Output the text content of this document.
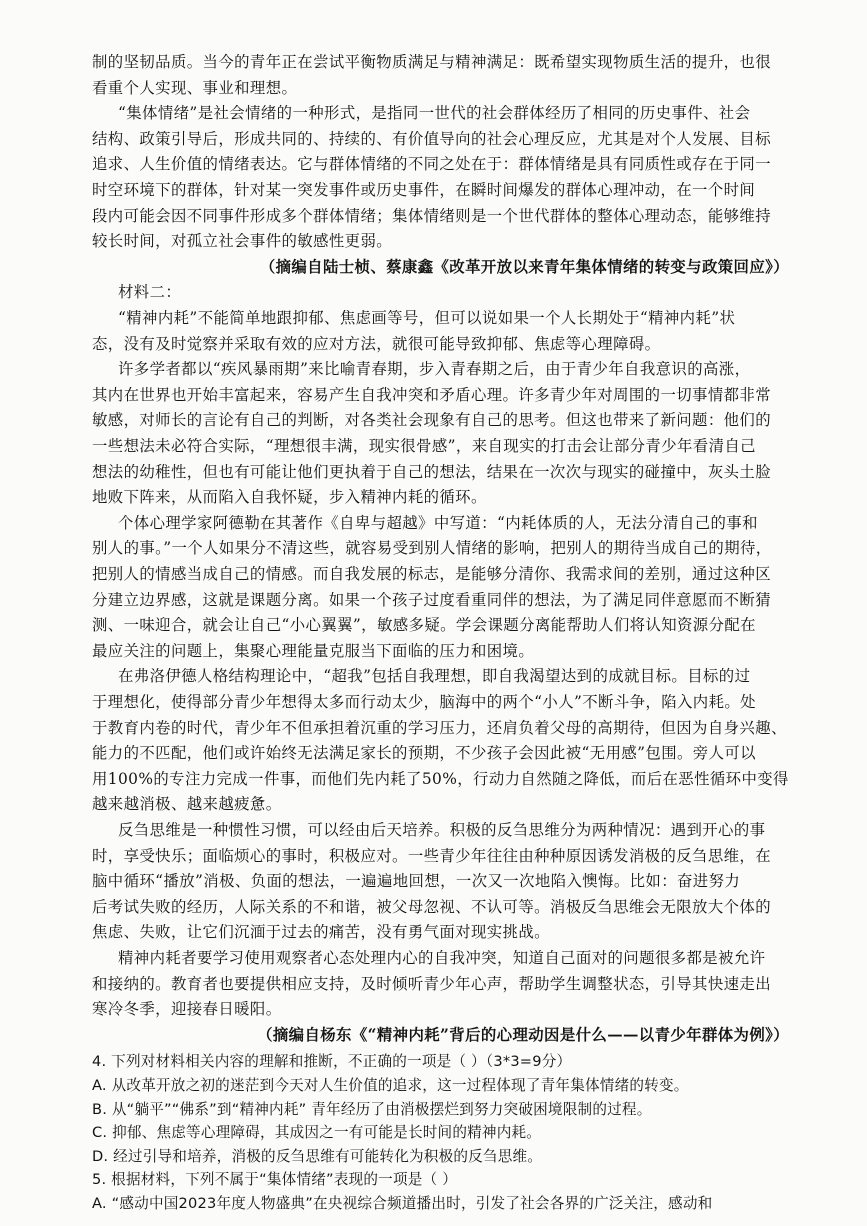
制的坚韧品质。当今的青年正在尝试平衡物质满足与精神满足：既希望实现物质生活的提升，也很
看重个人实现、事业和理想。
“集体情绪”是社会情绪的一种形式，是指同一世代的社会群体经历了相同的历史事件、社会
结构、政策引导后，形成共同的、持续的、有价值导向的社会心理反应，尤其是对个人发展、目标
追求、人生价值的情绪表达。它与群体情绪的不同之处在于：群体情绪是具有同质性或存在于同一
时空环境下的群体，针对某一突发事件或历史事件，在瞬时间爆发的群体心理冲动，在一个时间
段内可能会因不同事件形成多个群体情绪；集体情绪则是一个世代群体的整体心理动态，能够维持
较长时间，对孤立社会事件的敏感性更弱。
（摘编自陆士桢、蔡康鑫《改革开放以来青年集体情绪的转变与政策回应》）
材料二：
“精神内耗”不能简单地跟抑郁、焦虑画等号，但可以说如果一个人长期处于“精神内耗”状
态，没有及时觉察并采取有效的应对方法，就很可能导致抑郁、焦虑等心理障碍。
许多学者都以“疾风暴雨期”来比喻青春期，步入青春期之后，由于青少年自我意识的高涨，
其内在世界也开始丰富起来，容易产生自我冲突和矛盾心理。许多青少年对周围的一切事情都非常
敏感，对师长的言论有自己的判断，对各类社会现象有自己的思考。但这也带来了新问题：他们的
一些想法未必符合实际，“理想很丰满，现实很骨感”，来自现实的打击会让部分青少年看清自己
想法的幼稚性，但也有可能让他们更执着于自己的想法，结果在一次次与现实的碰撞中，灰头土脸
地败下阵来，从而陷入自我怀疑，步入精神内耗的循环。
个体心理学家阿德勒在其著作《自卑与超越》中写道：“内耗体质的人，无法分清自己的事和
别人的事。”一个人如果分不清这些，就容易受到别人情绪的影响，把别人的期待当成自己的期待，
把别人的情感当成自己的情感。而自我发展的标志，是能够分清你、我需求间的差别，通过这种区
分建立边界感，这就是课题分离。如果一个孩子过度看重同伴的想法，为了满足同伴意愿而不断猜
测、一味迎合，就会让自己“小心翼翼”，敏感多疑。学会课题分离能帮助人们将认知资源分配在
最应关注的问题上，集聚心理能量克服当下面临的压力和困境。
在弗洛伊德人格结构理论中，“超我”包括自我理想，即自我渴望达到的成就目标。目标的过
于理想化，使得部分青少年想得太多而行动太少，脑海中的两个“小人”不断斗争，陷入内耗。处
于教育内卷的时代，青少年不但承担着沉重的学习压力，还肩负着父母的高期待，但因为自身兴趣、
能力的不匹配，他们或许始终无法满足家长的预期，不少孩子会因此被“无用感”包围。旁人可以
用100%的专注力完成一件事，而他们先内耗了50%，行动力自然随之降低，而后在恶性循环中变得
越来越消极、越来越疲惫。
反刍思维是一种惯性习惯，可以经由后天培养。积极的反刍思维分为两种情况：遇到开心的事
时，享受快乐；面临烦心的事时，积极应对。一些青少年往往由种种原因诱发消极的反刍思维，在
脑中循环“播放”消极、负面的想法，一遍遍地回想，一次又一次地陷入懊悔。比如：奋进努力
后考试失败的经历，人际关系的不和谐，被父母忽视、不认可等。消极反刍思维会无限放大个体的
焦虑、失败，让它们沉湎于过去的痛苦，没有勇气面对现实挑战。
精神内耗者要学习使用观察者心态处理内心的自我冲突，知道自己面对的问题很多都是被允许
和接纳的。教育者也要提供相应支持，及时倾听青少年心声，帮助学生调整状态，引导其快速走出
寒冷冬季，迎接春日暖阳。
（摘编自杨东《“精神内耗”背后的心理动因是什么——以青少年群体为例》）
4. 下列对材料相关内容的理解和推断，不正确的一项是（ ）（3*3=9分）
A. 从改革开放之初的迷茫到今天对人生价值的追求，这一过程体现了青年集体情绪的转变。
B. 从“躺平”“佛系”到“精神内耗” 青年经历了由消极摆烂到努力突破困境限制的过程。
C. 抑郁、焦虑等心理障碍，其成因之一有可能是长时间的精神内耗。
D. 经过引导和培养，消极的反刍思维有可能转化为积极的反刍思维。
5. 根据材料，下列不属于“集体情绪”表现的一项是（ ）
A. “感动中国2023年度人物盛典”在央视综合频道播出时，引发了社会各界的广泛关注，感动和
